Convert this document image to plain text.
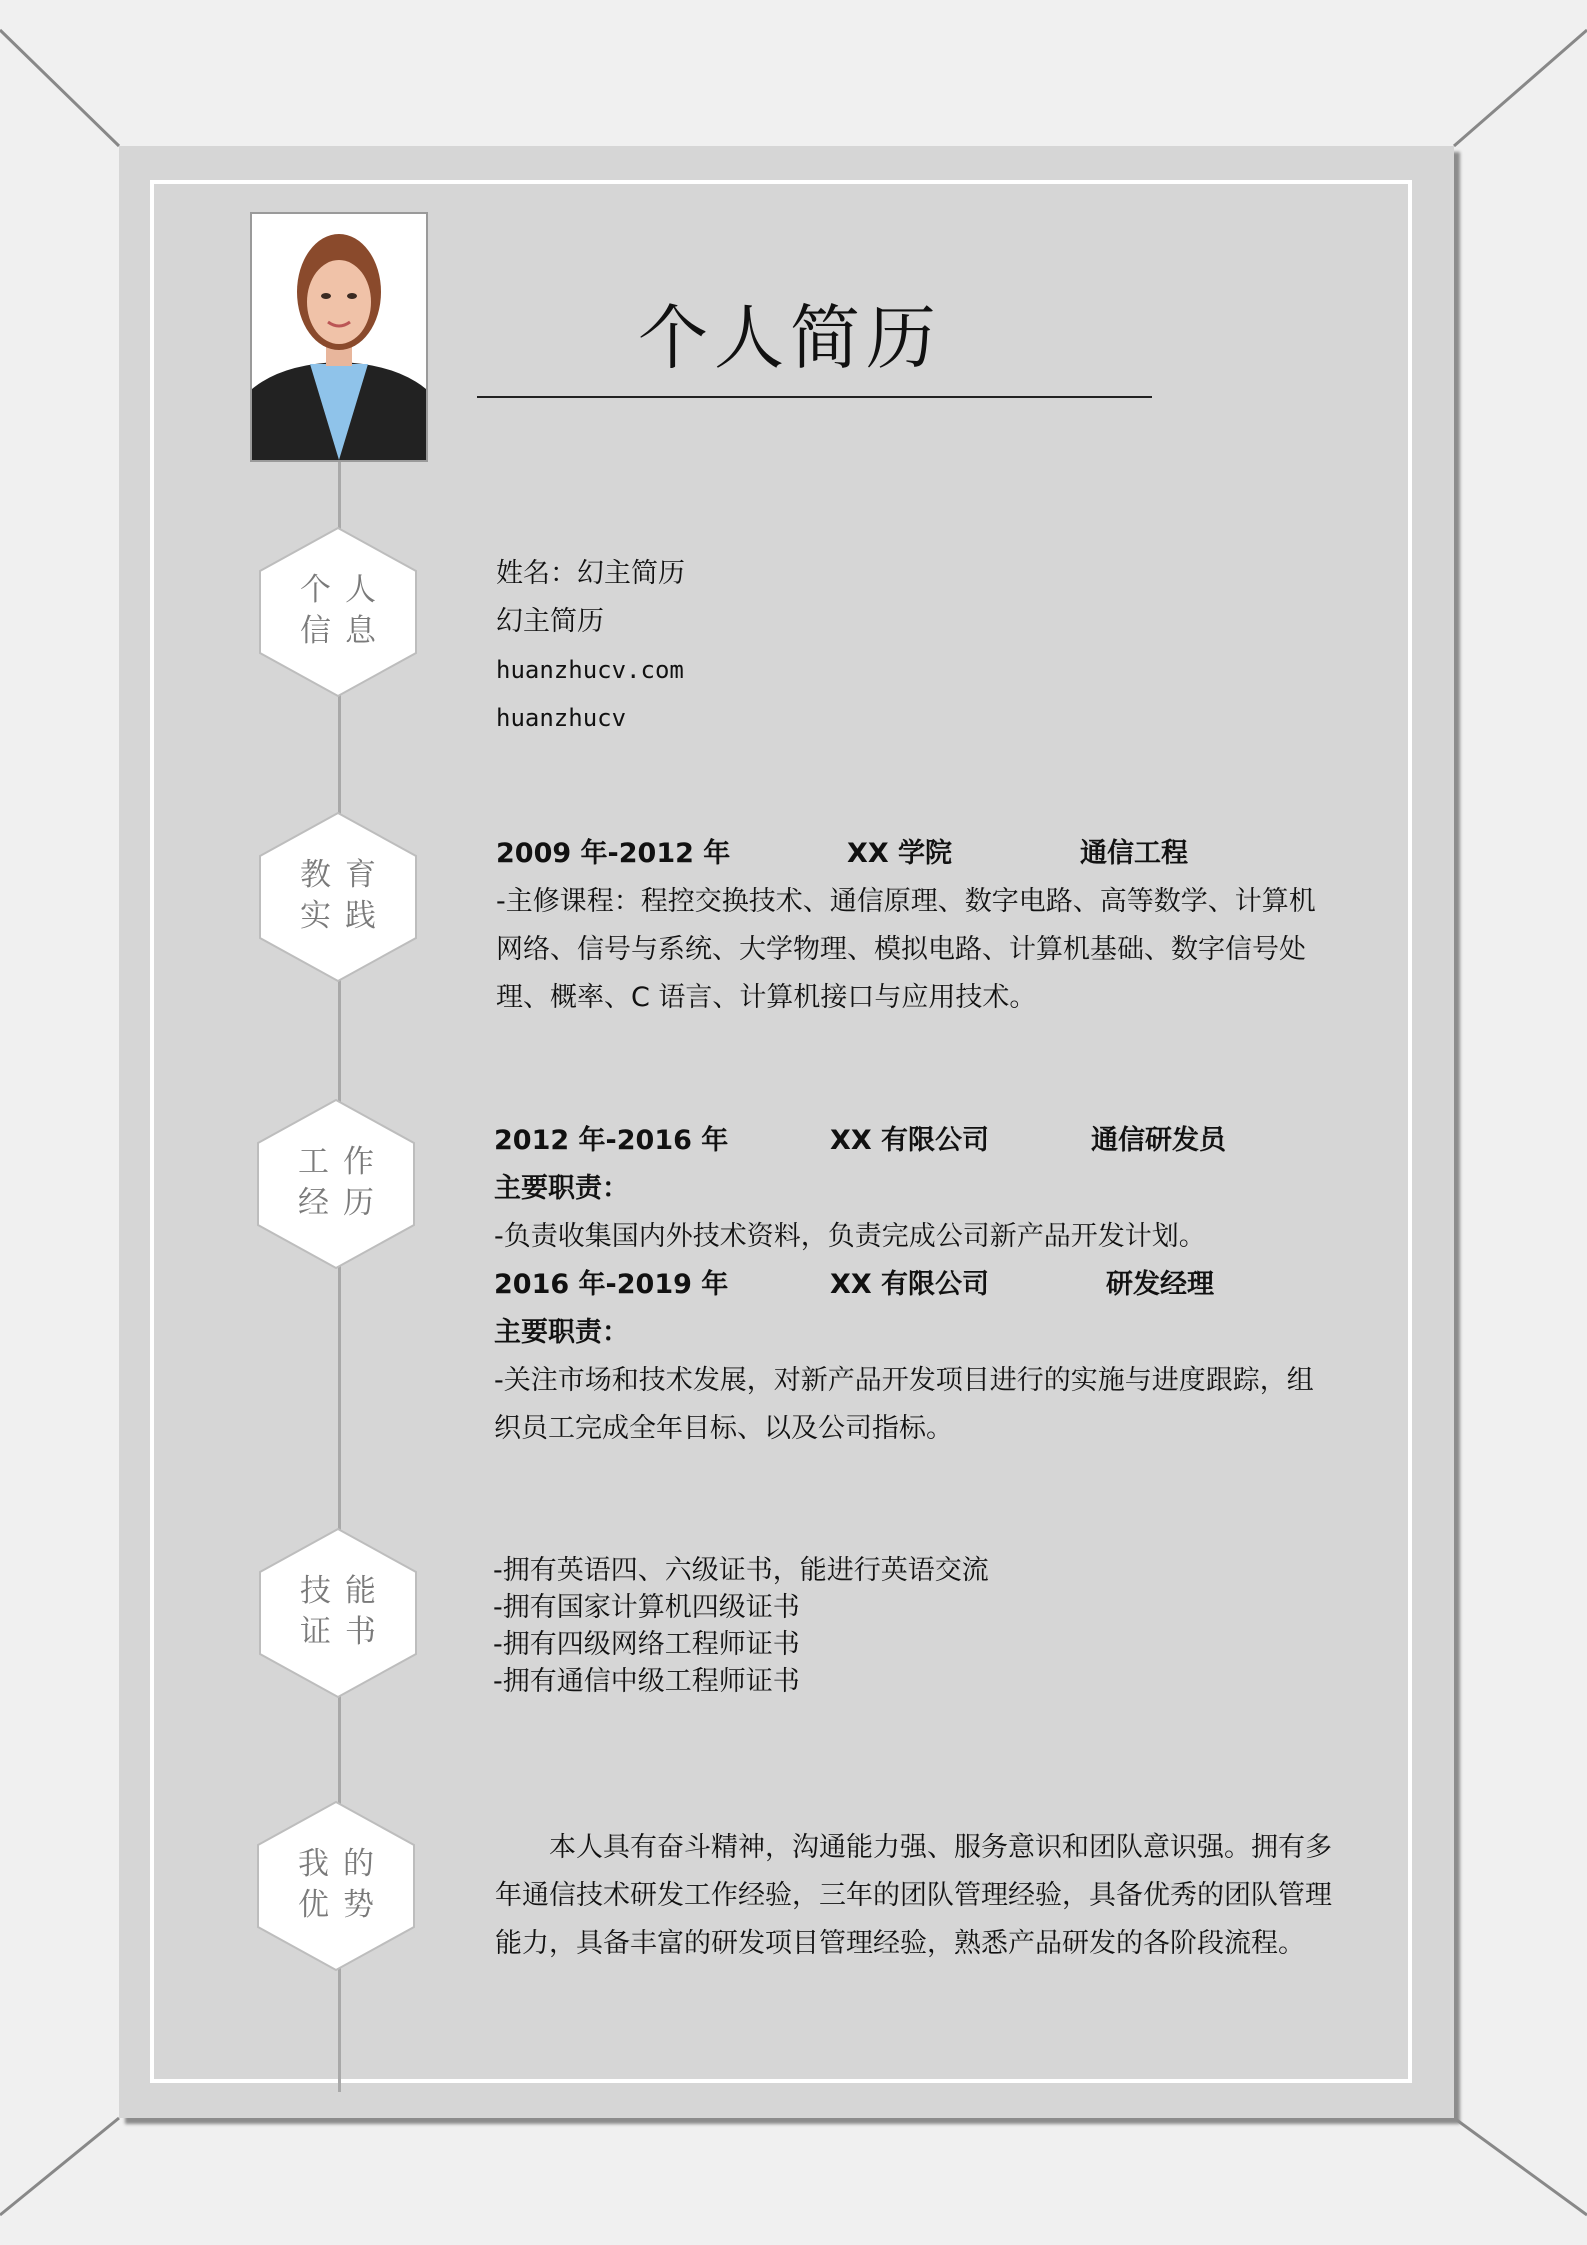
个人简历
个人
信息
教育
实践
工作
经历
技能
证书
我的
优势
姓名：幻主简历
幻主简历
huanzhucv.com
huanzhucv
2009 年-2012 年	XX 学院	通信工程
-主修课程：程控交换技术、通信原理、数字电路、高等数学、计算机网络、信号与系统、大学物理、模拟电路、计算机基础、数字信号处理、概率、C 语言、计算机接口与应用技术。
2012 年-2016 年	XX 有限公司	通信研发员
主要职责：
-负责收集国内外技术资料，负责完成公司新产品开发计划。
2016 年-2019 年	XX 有限公司	研发经理
主要职责：
-关注市场和技术发展，对新产品开发项目进行的实施与进度跟踪，组织员工完成全年目标、以及公司指标。
-拥有英语四、六级证书，能进行英语交流
-拥有国家计算机四级证书
-拥有四级网络工程师证书
-拥有通信中级工程师证书
本人具有奋斗精神，沟通能力强、服务意识和团队意识强。拥有多年通信技术研发工作经验，三年的团队管理经验，具备优秀的团队管理能力，具备丰富的研发项目管理经验，熟悉产品研发的各阶段流程。
